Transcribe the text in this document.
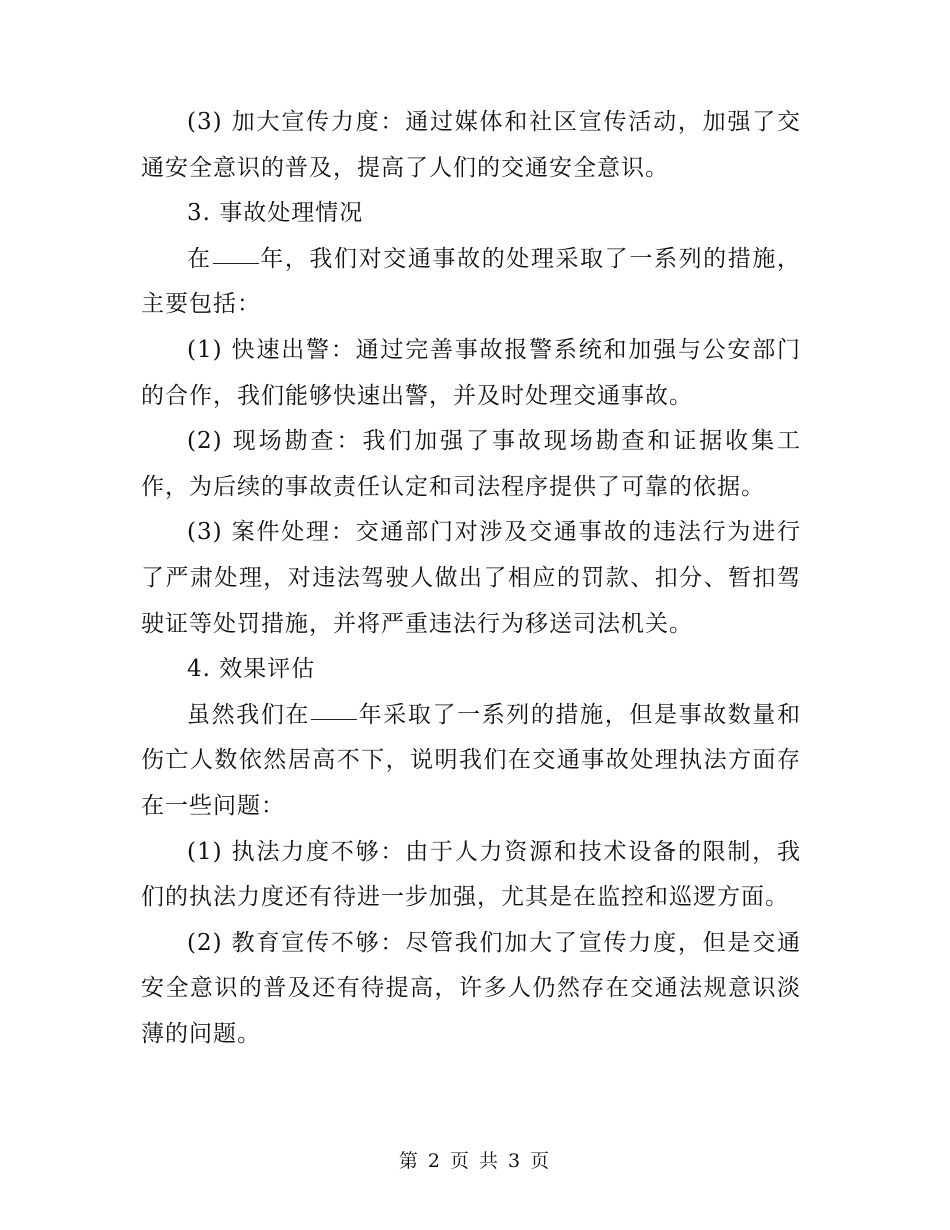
(3) 加大宣传力度：通过媒体和社区宣传活动，加强了交通安全意识的普及，提高了人们的交通安全意识。

3. 事故处理情况

在 年，我们对交通事故的处理采取了一系列的措施，主要包括：

(1) 快速出警：通过完善事故报警系统和加强与公安部门的合作，我们能够快速出警，并及时处理交通事故。

(2) 现场勘查：我们加强了事故现场勘查和证据收集工作，为后续的事故责任认定和司法程序提供了可靠的依据。

(3) 案件处理：交通部门对涉及交通事故的违法行为进行了严肃处理，对违法驾驶人做出了相应的罚款、扣分、暂扣驾驶证等处罚措施，并将严重违法行为移送司法机关。

4. 效果评估

虽然我们在 年采取了一系列的措施，但是事故数量和伤亡人数依然居高不下，说明我们在交通事故处理执法方面存在一些问题：

(1) 执法力度不够：由于人力资源和技术设备的限制，我们的执法力度还有待进一步加强，尤其是在监控和巡逻方面。

(2) 教育宣传不够：尽管我们加大了宣传力度，但是交通安全意识的普及还有待提高，许多人仍然存在交通法规意识淡薄的问题。

第 2 页 共 3 页
